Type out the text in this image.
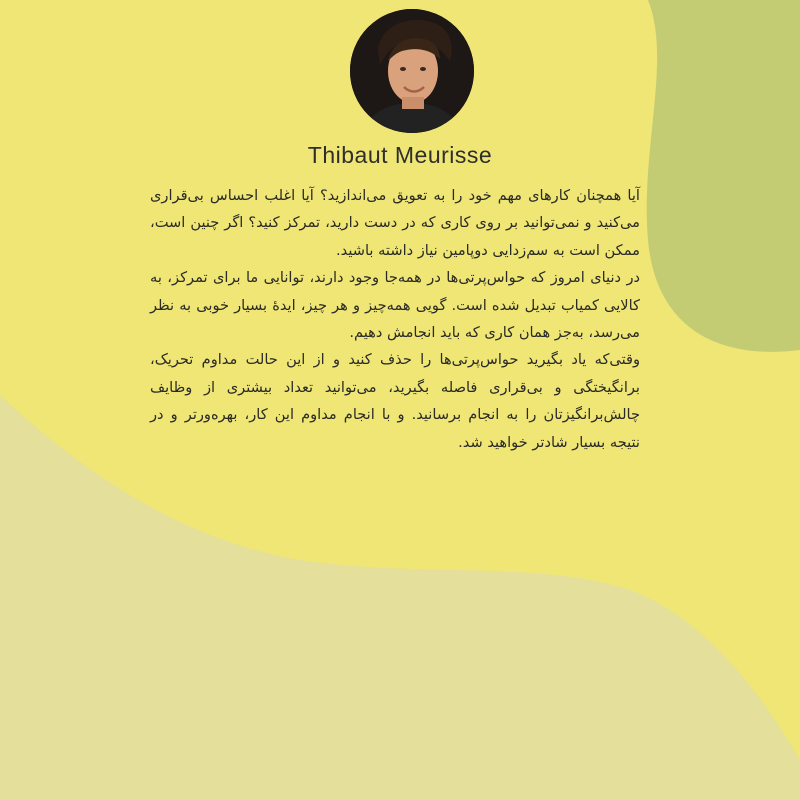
Thibaut Meurisse

آیا همچنان کارهای مهم خود را به تعویق می‌اندازید؟ آیا اغلب احساس بی‌قراری می‌کنید و نمی‌توانید بر روی کاری که در دست دارید، تمرکز کنید؟ اگر چنین است، ممکن است به سم‌زدایی دوپامین نیاز داشته باشید.

در دنیای امروز که حواس‌پرتی‌ها در همه‌جا وجود دارند، توانایی ما برای تمرکز، به کالایی کمیاب تبدیل شده است. گویی همه‌چیز و هر چیز، ایدهٔ بسیار خوبی به نظر می‌رسد، به‌جز همان کاری که باید انجامش دهیم.

وقتی‌که یاد بگیرید حواس‌پرتی‌ها را حذف کنید و از این حالت مداوم تحریک، برانگیختگی و بی‌قراری فاصله بگیرید، می‌توانید تعداد بیشتری از وظایف چالش‌برانگیزتان را به انجام برسانید. و با انجام مداوم این کار، بهره‌ورتر و در نتیجه بسیار شادتر خواهید شد.
